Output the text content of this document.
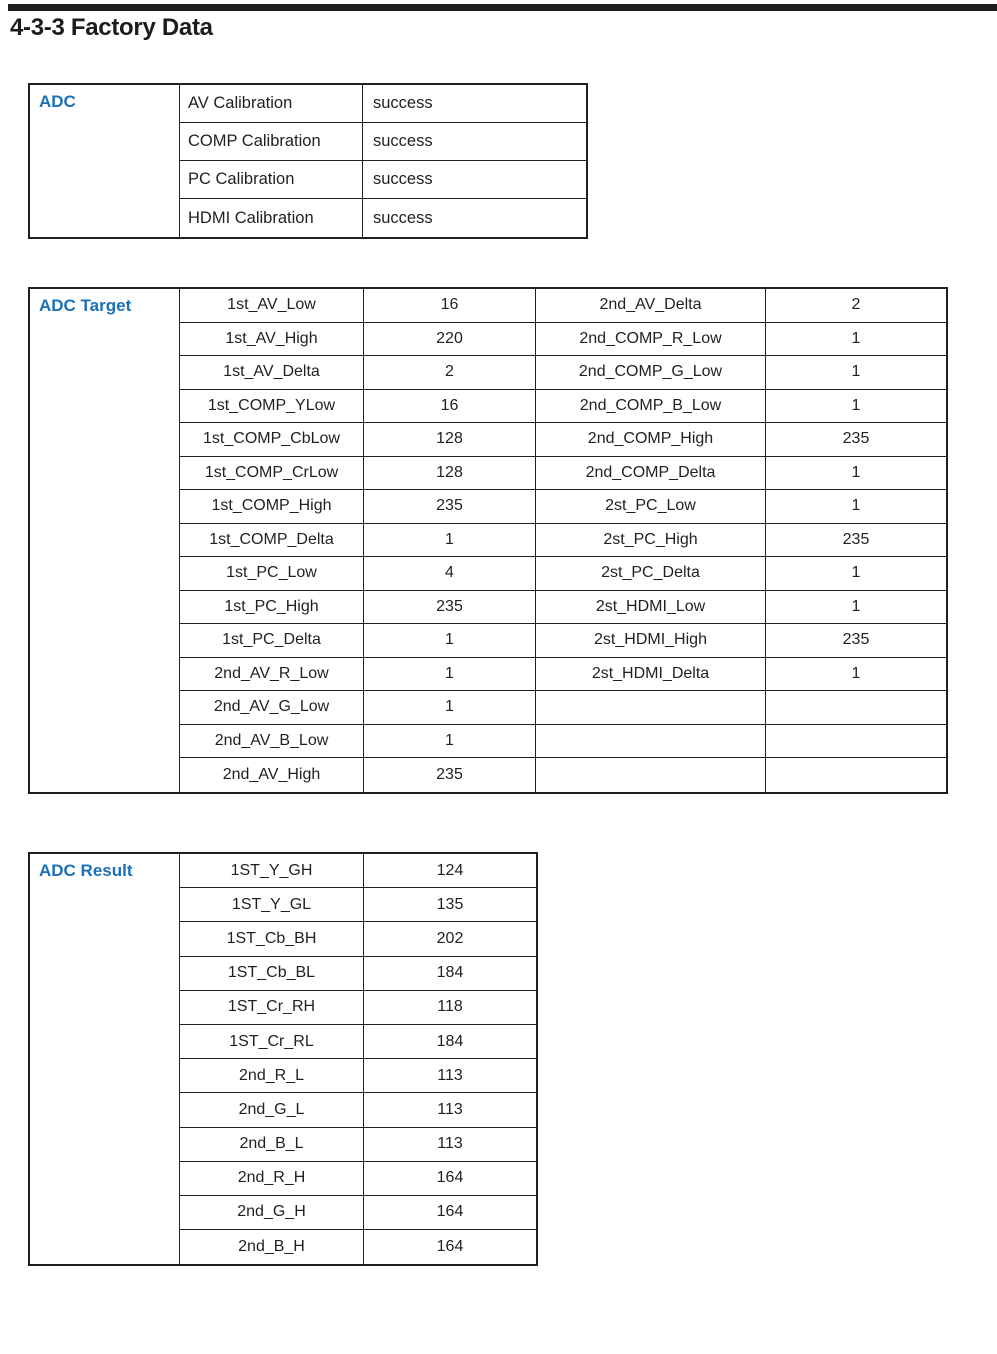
4-3-3 Factory Data
ADC	AV Calibration	success
COMP Calibration	success
PC Calibration	success
HDMI Calibration	success
ADC Target	1st_AV_Low	16	2nd_AV_Delta	2
1st_AV_High	220	2nd_COMP_R_Low	1
1st_AV_Delta	2	2nd_COMP_G_Low	1
1st_COMP_YLow	16	2nd_COMP_B_Low	1
1st_COMP_CbLow	128	2nd_COMP_High	235
1st_COMP_CrLow	128	2nd_COMP_Delta	1
1st_COMP_High	235	2st_PC_Low	1
1st_COMP_Delta	1	2st_PC_High	235
1st_PC_Low	4	2st_PC_Delta	1
1st_PC_High	235	2st_HDMI_Low	1
1st_PC_Delta	1	2st_HDMI_High	235
2nd_AV_R_Low	1	2st_HDMI_Delta	1
2nd_AV_G_Low	1
2nd_AV_B_Low	1
2nd_AV_High	235
ADC Result	1ST_Y_GH	124
1ST_Y_GL	135
1ST_Cb_BH	202
1ST_Cb_BL	184
1ST_Cr_RH	118
1ST_Cr_RL	184
2nd_R_L	113
2nd_G_L	113
2nd_B_L	113
2nd_R_H	164
2nd_G_H	164
2nd_B_H	164
